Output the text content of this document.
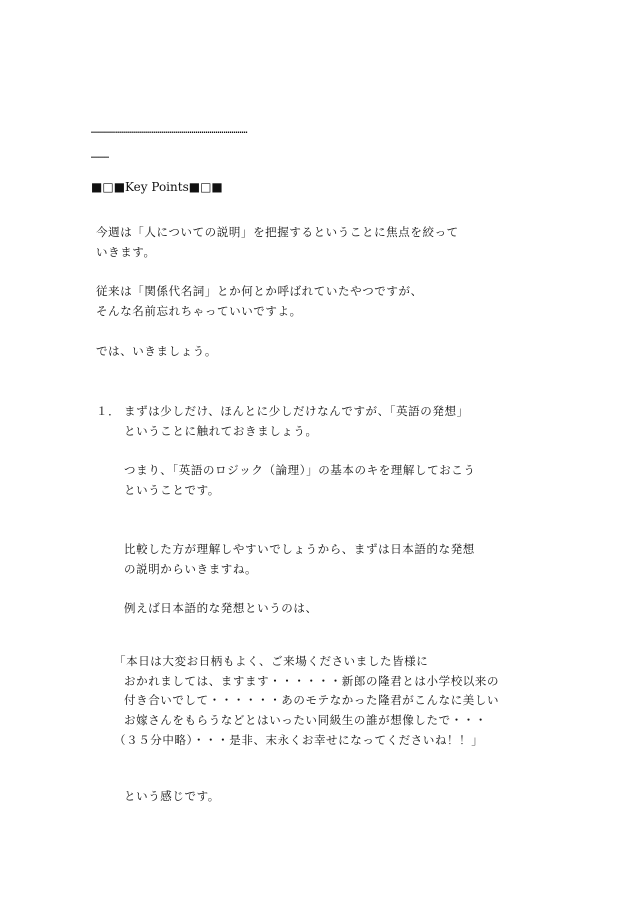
……………………………………………………………………
………
■□■Key Points■□■
今週は「人についての説明」を把握するということに焦点を絞って
いきます。
従来は「関係代名詞」とか何とか呼ばれていたやつですが、
そんな名前忘れちゃっていいですよ。
では、いきましょう。
１． まずは少しだけ、ほんとに少しだけなんですが、「英語の発想」
ということに触れておきましょう。
つまり、「英語のロジック（論理）」の基本のキを理解しておこう
ということです。
比較した方が理解しやすいでしょうから、まずは日本語的な発想
の説明からいきますね。
例えば日本語的な発想というのは、
「本日は大変お日柄もよく、ご来場くださいました皆様に
おかれましては、ますます・・・・・・新郎の隆君とは小学校以来の
付き合いでして・・・・・・あのモテなかった隆君がこんなに美しい
お嫁さんをもらうなどとはいったい同級生の誰が想像したで・・・
（３５分中略）・・・是非、末永くお幸せになってくださいね！！」
という感じです。
